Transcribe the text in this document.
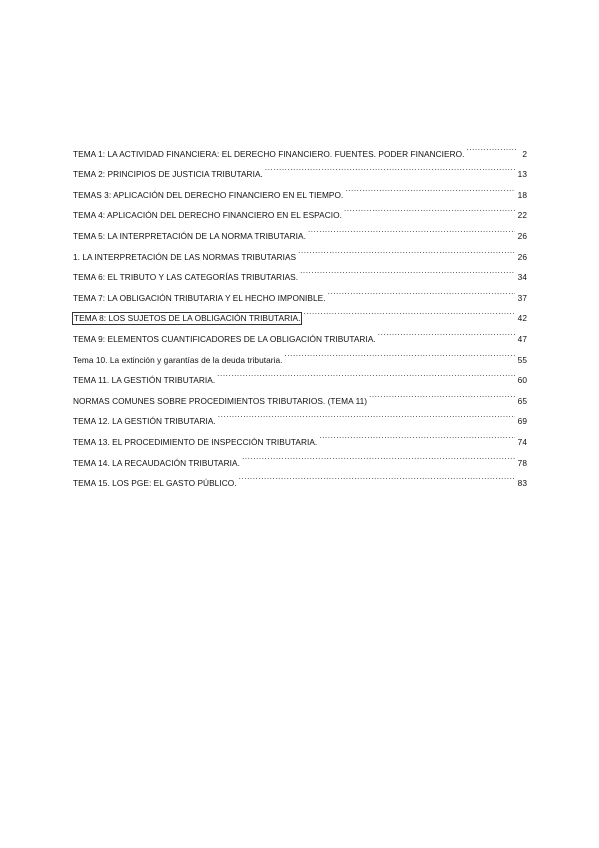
TEMA 1: LA ACTIVIDAD FINANCIERA: EL DERECHO FINANCIERO. FUENTES. PODER FINANCIERO. .....	2
TEMA 2: PRINCIPIOS DE JUSTICIA TRIBUTARIA. .....	13
TEMAS 3: APLICACIÓN DEL DERECHO FINANCIERO EN EL TIEMPO. .....	18
TEMA 4: APLICACIÓN DEL DERECHO FINANCIERO EN EL ESPACIO. .....	22
TEMA 5: LA INTERPRETACIÓN DE LA NORMA TRIBUTARIA. .....	26
1. LA INTERPRETACIÓN DE LAS NORMAS TRIBUTARIAS .....	26
TEMA 6: EL TRIBUTO Y LAS CATEGORÍAS TRIBUTARIAS. .....	34
TEMA 7: LA OBLIGACIÓN TRIBUTARIA Y EL HECHO IMPONIBLE. .....	37
TEMA 8: LOS SUJETOS DE LA OBLIGACIÓN TRIBUTARIA. .....	42
TEMA 9: ELEMENTOS CUANTIFICADORES DE LA OBLIGACIÓN TRIBUTARIA. .....	47
Tema 10. La extinción y garantías de la deuda tributaria. .....	55
TEMA 11. LA GESTIÓN TRIBUTARIA. .....	60
NORMAS COMUNES SOBRE PROCEDIMIENTOS TRIBUTARIOS. (TEMA 11) .....	65
TEMA 12. LA GESTIÓN TRIBUTARIA. .....	69
TEMA 13. EL PROCEDIMIENTO DE INSPECCIÓN TRIBUTARIA. .....	74
TEMA 14. LA RECAUDACIÓN TRIBUTARIA. .....	78
TEMA 15. LOS PGE: EL GASTO PÚBLICO. .....	83
